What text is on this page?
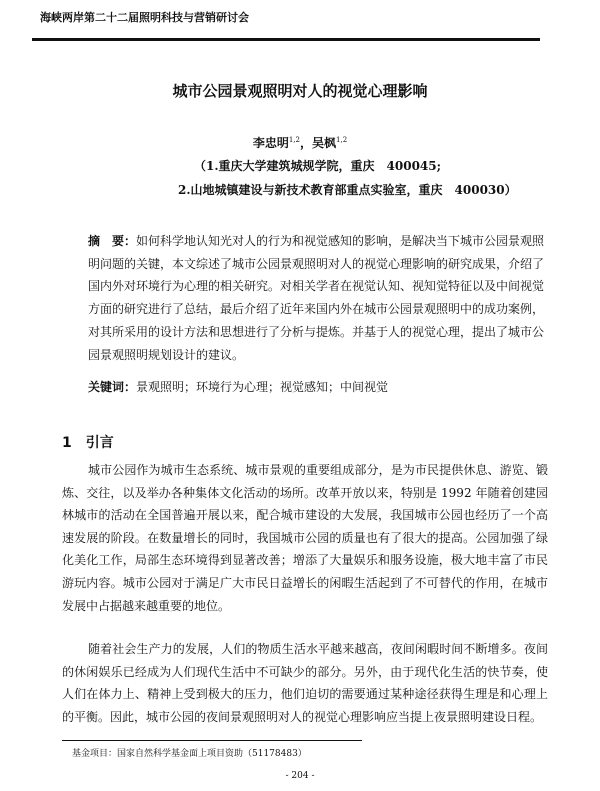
海峡两岸第二十二届照明科技与营销研讨会
城市公园景观照明对人的视觉心理影响
李忠明$^{1,2}$，吴枫$^{1,2}$
（1.重庆大学建筑城规学院，重庆　400045;
2.山地城镇建设与新技术教育部重点实验室，重庆　400030）
摘　要：如何科学地认知光对人的行为和视觉感知的影响，是解决当下城市公园景观照明问题的关键，本文综述了城市公园景观照明对人的视觉心理影响的研究成果，介绍了国内外对环境行为心理的相关研究。对相关学者在视觉认知、视知觉特征以及中间视觉方面的研究进行了总结，最后介绍了近年来国内外在城市公园景观照明中的成功案例，对其所采用的设计方法和思想进行了分析与提炼。并基于人的视觉心理，提出了城市公园景观照明规划设计的建议。
关键词：景观照明；环境行为心理；视觉感知；中间视觉
1 引言
城市公园作为城市生态系统、城市景观的重要组成部分，是为市民提供休息、游览、锻炼、交往，以及举办各种集体文化活动的场所。改革开放以来，特别是 1992 年随着创建园林城市的活动在全国普遍开展以来，配合城市建设的大发展，我国城市公园也经历了一个高速发展的阶段。在数量增长的同时，我国城市公园的质量也有了很大的提高。公园加强了绿化美化工作，局部生态环境得到显著改善；增添了大量娱乐和服务设施，极大地丰富了市民游玩内容。城市公园对于满足广大市民日益增长的闲暇生活起到了不可替代的作用，在城市发展中占据越来越重要的地位。
随着社会生产力的发展，人们的物质生活水平越来越高，夜间闲暇时间不断增多。夜间的休闲娱乐已经成为人们现代生活中不可缺少的部分。另外，由于现代化生活的快节奏，使人们在体力上、精神上受到极大的压力，他们迫切的需要通过某种途径获得生理是和心理上的平衡。因此，城市公园的夜间景观照明对人的视觉心理影响应当提上夜景照明建设日程。
基金项目：国家自然科学基金面上项目资助（51178483）
- 204 -
